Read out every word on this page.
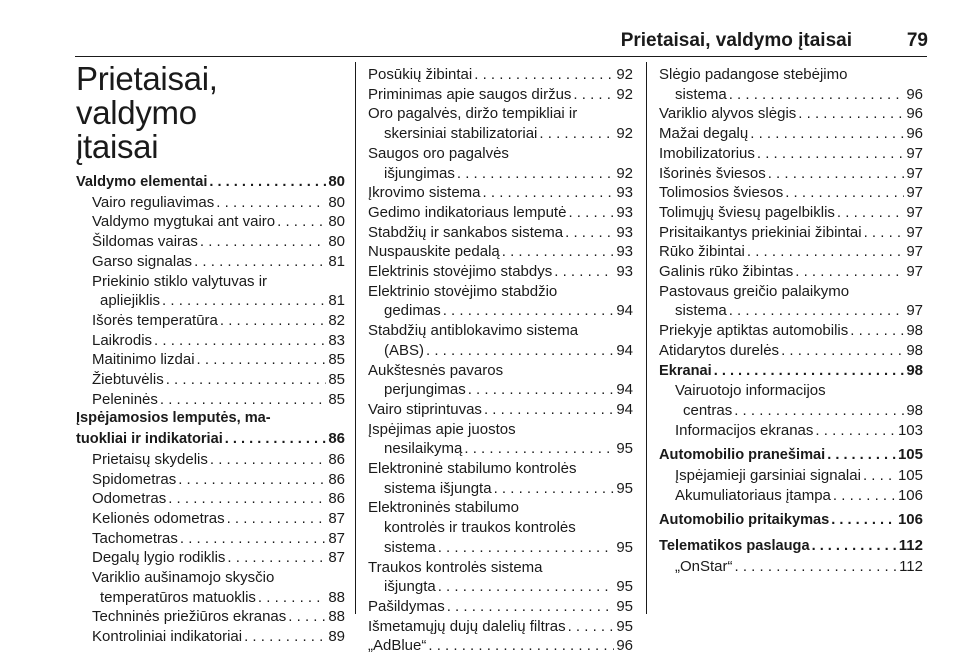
Prietaisai, valdymo įtaisai	79
Prietaisai, valdymo
įtaisai
Valdymo elementai . . .	80
Vairo reguliavimas . . .	80
Valdymo mygtukai ant vairo . . .	80
Šildomas vairas . . .	80
Garso signalas . . .	81
Priekinio stiklo valytuvas ir
apliejiklis . . .	81
Išorės temperatūra . . .	82
Laikrodis . . .	83
Maitinimo lizdai . . .	85
Žiebtuvėlis . . .	85
Peleninės . . .	85
Įspėjamosios lemputės, ma-
tuokliai ir indikatoriai . . .	86
Prietaisų skydelis . . .	86
Spidometras . . .	86
Odometras . . .	86
Kelionės odometras . . .	87
Tachometras . . .	87
Degalų lygio rodiklis . . .	87
Variklio aušinamojo skysčio
temperatūros matuoklis . . .	88
Techninės priežiūros ekranas . . .	88
Kontroliniai indikatoriai . . .	89
Posūkių žibintai . . .	92
Priminimas apie saugos diržus . . .	92
Oro pagalvės, diržo tempikliai ir
skersiniai stabilizatoriai . . .	92
Saugos oro pagalvės
išjungimas . . .	92
Įkrovimo sistema . . .	93
Gedimo indikatoriaus lemputė . . .	93
Stabdžių ir sankabos sistema . . .	93
Nuspauskite pedalą . . .	93
Elektrinis stovėjimo stabdys . . .	93
Elektrinio stovėjimo stabdžio
gedimas . . .	94
Stabdžių antiblokavimo sistema
(ABS) . . .	94
Aukštesnės pavaros
perjungimas . . .	94
Vairo stiprintuvas . . .	94
Įspėjimas apie juostos
nesilaikymą . . .	95
Elektroninė stabilumo kontrolės
sistema išjungta . . .	95
Elektroninės stabilumo
kontrolės ir traukos kontrolės
sistema . . .	95
Traukos kontrolės sistema
išjungta . . .	95
Pašildymas . . .	95
Išmetamųjų dujų dalelių filtras . . .	95
„AdBlue“ . . .	96
Slėgio padangose stebėjimo
sistema . . .	96
Variklio alyvos slėgis . . .	96
Mažai degalų . . .	96
Imobilizatorius . . .	97
Išorinės šviesos . . .	97
Tolimosios šviesos . . .	97
Tolimųjų šviesų pagelbiklis . . .	97
Prisitaikantys priekiniai žibintai . . .	97
Rūko žibintai . . .	97
Galinis rūko žibintas . . .	97
Pastovaus greičio palaikymo
sistema . . .	97
Priekyje aptiktas automobilis . . .	98
Atidarytos durelės . . .	98
Ekranai . . .	98
Vairuotojo informacijos
centras . . .	98
Informacijos ekranas . . .	103
Automobilio pranešimai . . .	105
Įspėjamieji garsiniai signalai . . . 105
Akumuliatoriaus įtampa . . .	106
Automobilio pritaikymas . . .	106
Telematikos paslauga . . .	112
„OnStar“ . . .	112
